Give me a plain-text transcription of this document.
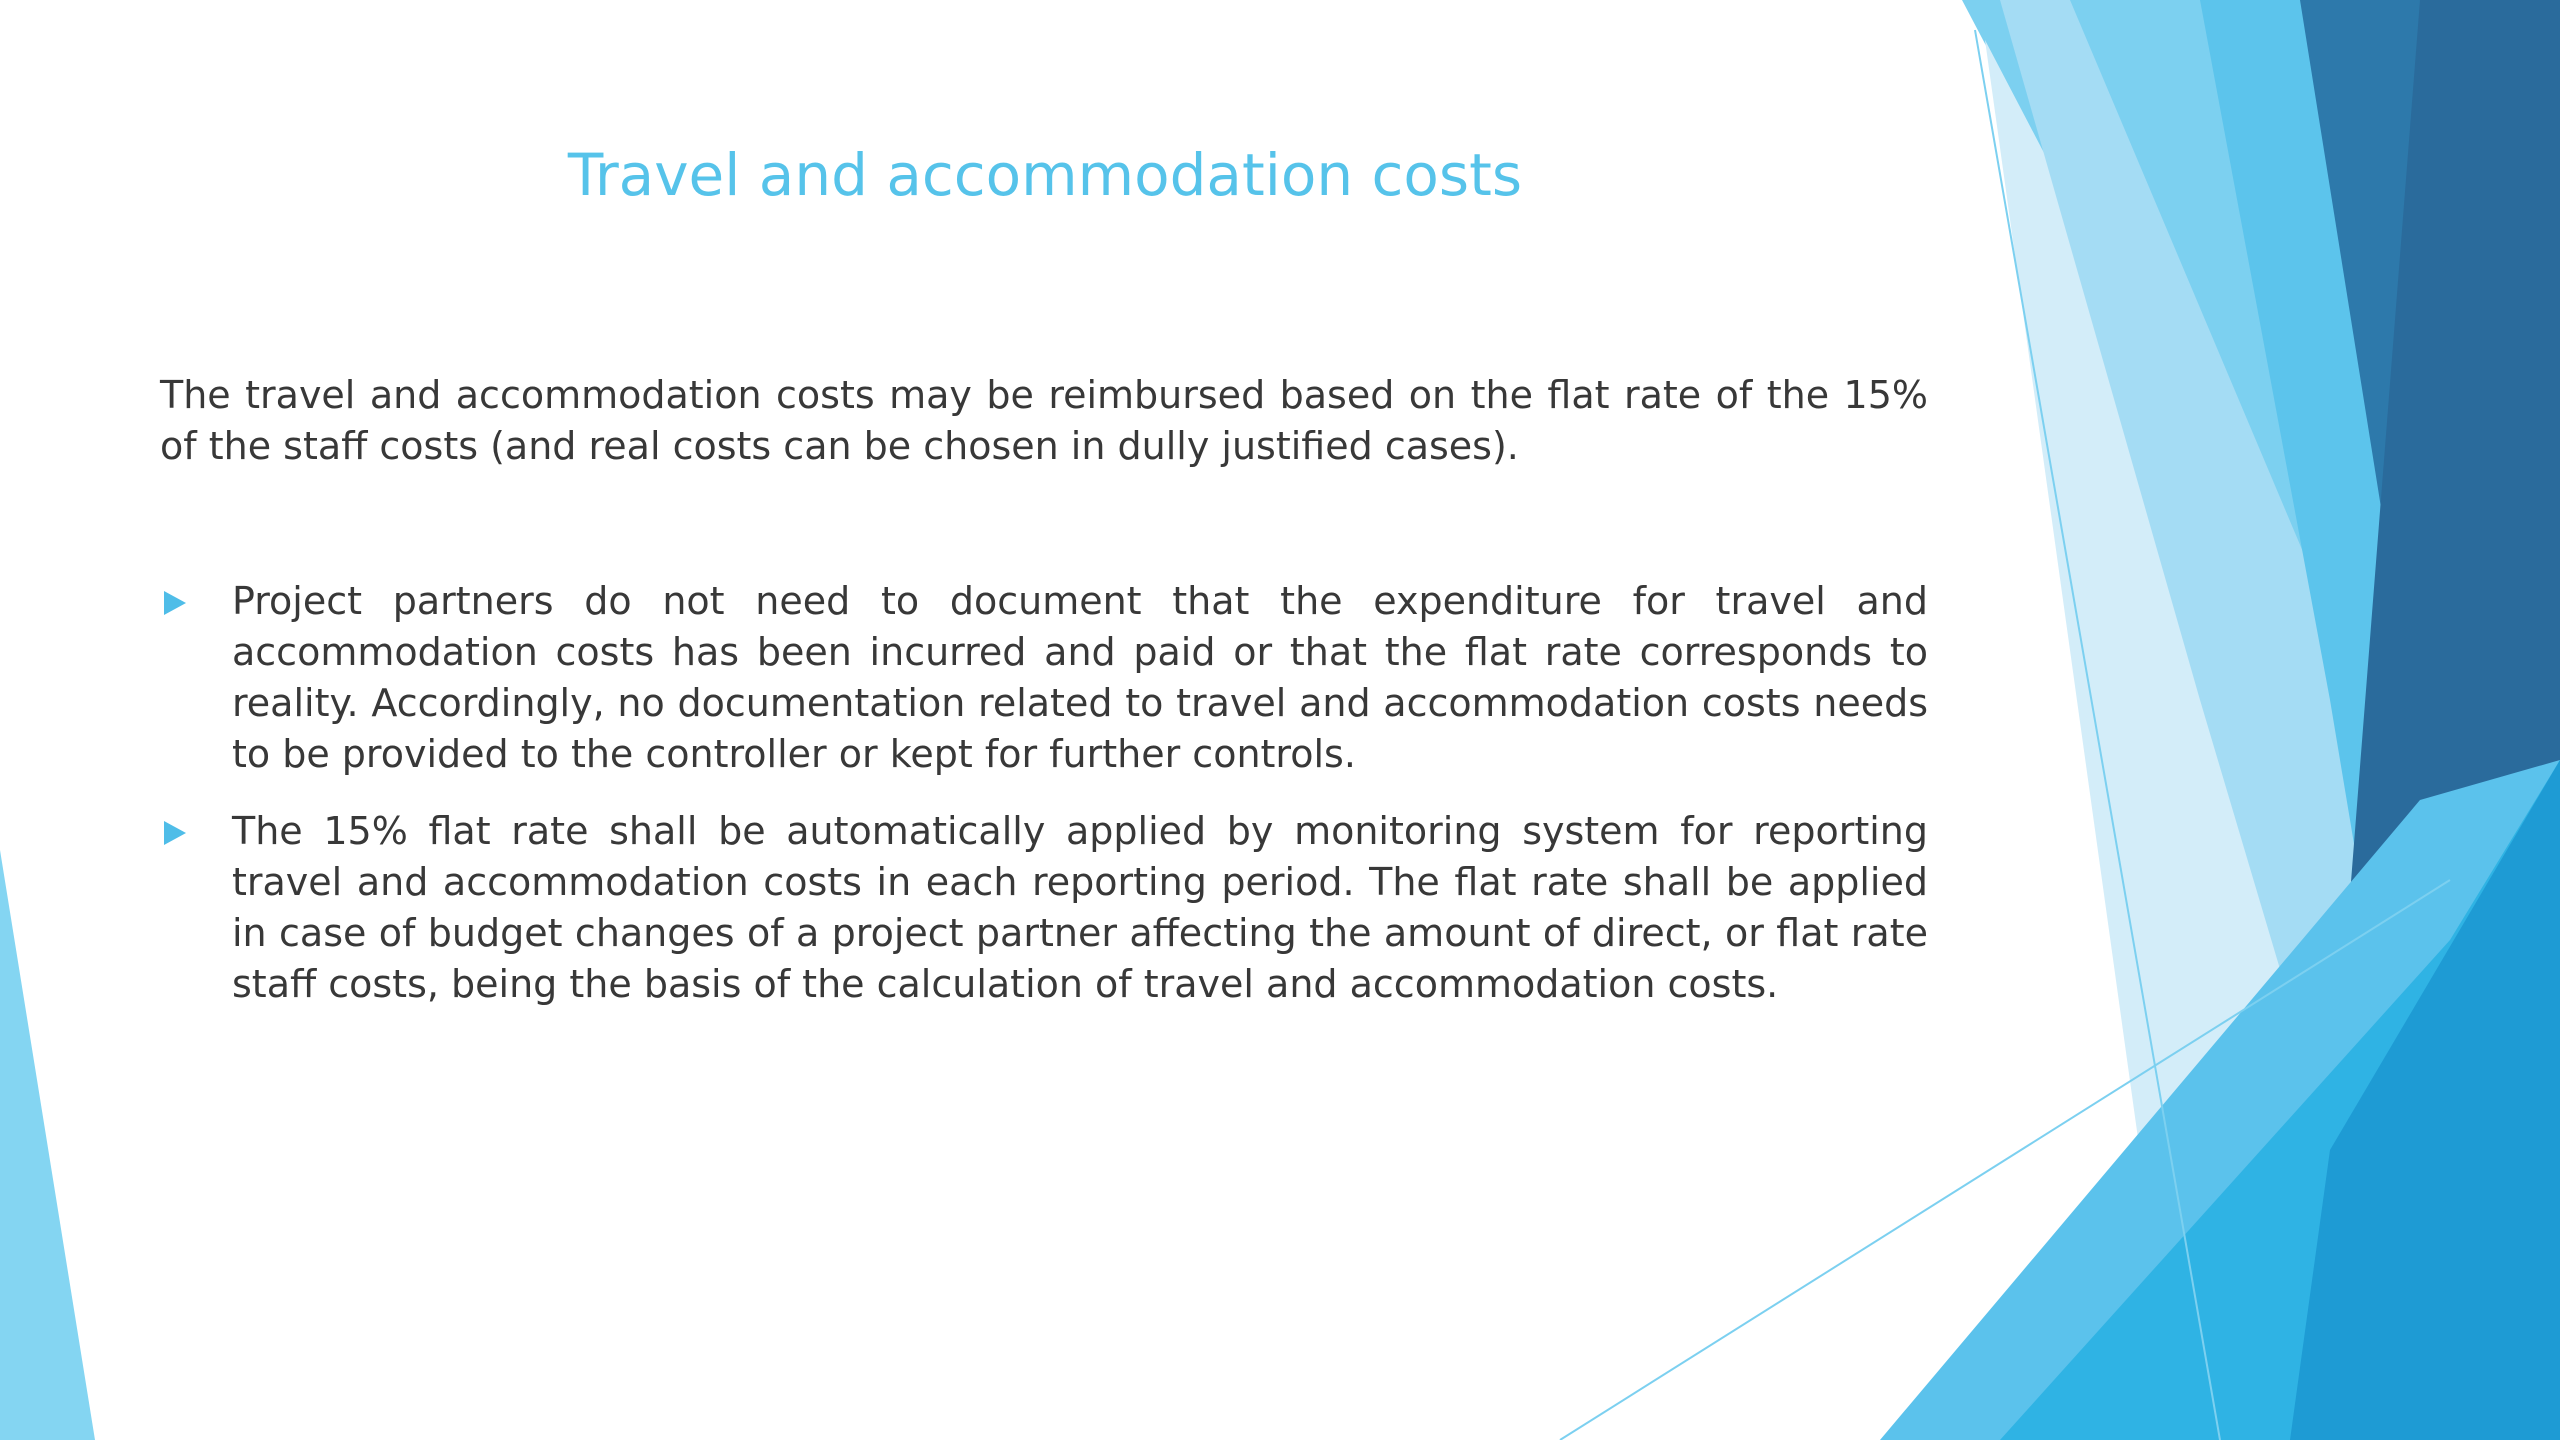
Travel and accommodation costs

The travel and accommodation costs may be reimbursed based on the flat rate of the 15% of the staff costs (and real costs can be chosen in dully justified cases).

Project partners do not need to document that the expenditure for travel and accommodation costs has been incurred and paid or that the flat rate corresponds to reality. Accordingly, no documentation related to travel and accommodation costs needs to be provided to the controller or kept for further controls.
The 15% flat rate shall be automatically applied by monitoring system for reporting travel and accommodation costs in each reporting period. The flat rate shall be applied in case of budget changes of a project partner affecting the amount of direct, or flat rate staff costs, being the basis of the calculation of travel and accommodation costs.
